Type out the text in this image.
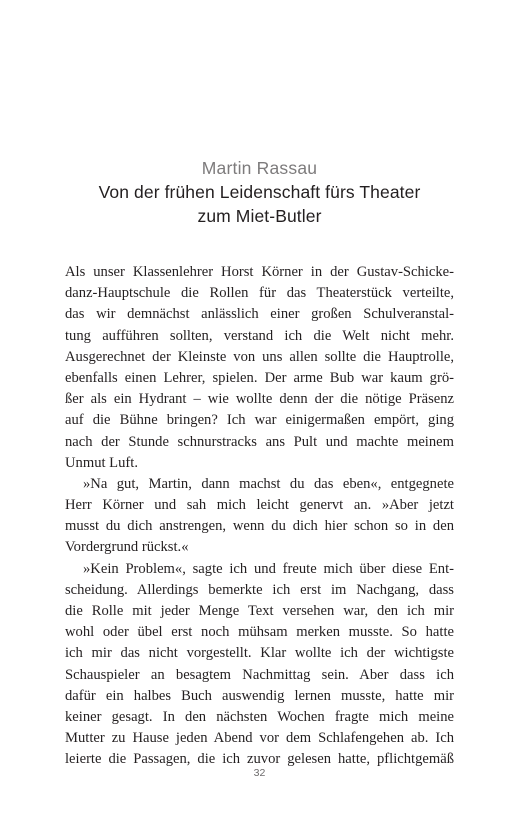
Martin Rassau
Von der frühen Leidenschaft fürs Theater
zum Miet-Butler
Als unser Klassenlehrer Horst Körner in der Gustav-Schicke-
danz-Hauptschule die Rollen für das Theaterstück verteilte,
das wir demnächst anlässlich einer großen Schulveranstal-
tung aufführen sollten, verstand ich die Welt nicht mehr.
Ausgerechnet der Kleinste von uns allen sollte die Hauptrolle,
ebenfalls einen Lehrer, spielen. Der arme Bub war kaum grö-
ßer als ein Hydrant – wie wollte denn der die nötige Präsenz
auf die Bühne bringen? Ich war einigermaßen empört, ging
nach der Stunde schnurstracks ans Pult und machte meinem
Unmut Luft.
»Na gut, Martin, dann machst du das eben«, entgegnete
Herr Körner und sah mich leicht genervt an. »Aber jetzt
musst du dich anstrengen, wenn du dich hier schon so in den
Vordergrund rückst.«
»Kein Problem«, sagte ich und freute mich über diese Ent-
scheidung. Allerdings bemerkte ich erst im Nachgang, dass
die Rolle mit jeder Menge Text versehen war, den ich mir
wohl oder übel erst noch mühsam merken musste. So hatte
ich mir das nicht vorgestellt. Klar wollte ich der wichtigste
Schauspieler an besagtem Nachmittag sein. Aber dass ich
dafür ein halbes Buch auswendig lernen musste, hatte mir
keiner gesagt. In den nächsten Wochen fragte mich meine
Mutter zu Hause jeden Abend vor dem Schlafengehen ab. Ich
leierte die Passagen, die ich zuvor gelesen hatte, pflichtgemäß
32
